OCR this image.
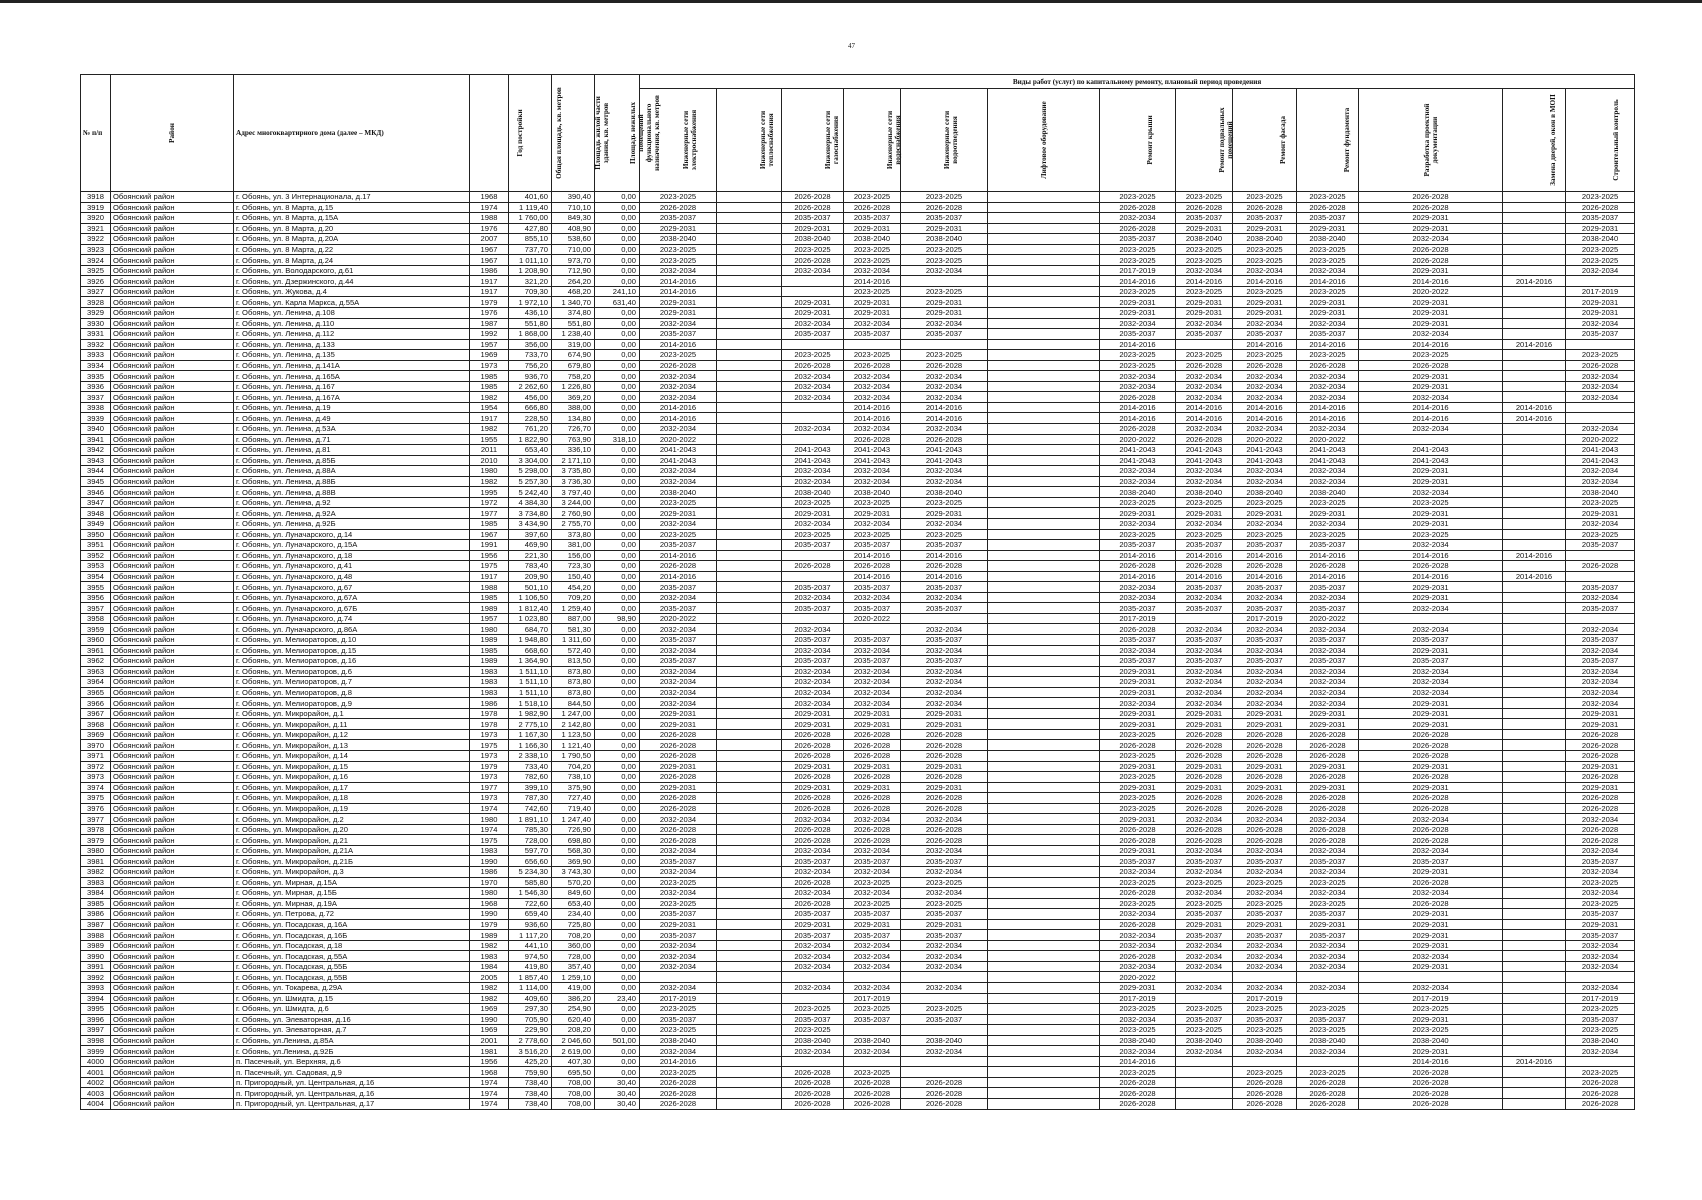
47
№ п/п	Район	Адрес многоквартирного дома (далее – МКД)	Год постройки	Общая площадь, кв. метров	Площадь жилой части здания, кв. метров	Площадь нежилых помещений функционального назначения, кв. метров	Виды работ (услуг) по капитальному ремонту, плановый период проведения												
							Инженерные сети электроснабжения	Инженерные сети теплоснабжения	Инженерные сети газоснабжения	Инженерные сети водоснабжения	Инженерные сети водоотведения	Лифтовое оборудование	Ремонт крыши	Ремонт подвальных помещений	Ремонт фасада	Ремонт фундамента	Разработка проектной документации	Замена дверей, окон в МОП	Строительный контроль
3918	Обоянский район	г. Обоянь, ул. 3 Интернационала, д.17	1968	401,60	390,40	0,00	2023-2025		2026-2028	2023-2025	2023-2025		2023-2025	2023-2025	2023-2025	2023-2025	2026-2028		2023-2025
3919	Обоянский район	г. Обоянь, ул. 8 Марта, д.15	1974	1 119,40	710,10	0,00	2026-2028		2026-2028	2026-2028	2026-2028		2026-2028	2026-2028	2026-2028	2026-2028	2026-2028		2026-2028
3920	Обоянский район	г. Обоянь, ул. 8 Марта, д.15А	1988	1 760,00	849,30	0,00	2035-2037		2035-2037	2035-2037	2035-2037		2032-2034	2035-2037	2035-2037	2035-2037	2029-2031		2035-2037
3921	Обоянский район	г. Обоянь, ул. 8 Марта, д.20	1976	427,80	408,90	0,00	2029-2031		2029-2031	2029-2031	2029-2031		2026-2028	2029-2031	2029-2031	2029-2031	2029-2031		2029-2031
3922	Обоянский район	г. Обоянь, ул. 8 Марта, д.20А	2007	855,10	538,60	0,00	2038-2040		2038-2040	2038-2040	2038-2040		2035-2037	2038-2040	2038-2040	2038-2040	2032-2034		2038-2040
3923	Обоянский район	г. Обоянь, ул. 8 Марта, д.22	1967	737,70	710,00	0,00	2023-2025		2023-2025	2023-2025	2023-2025		2023-2025	2023-2025	2023-2025	2023-2025	2026-2028		2023-2025
3924	Обоянский район	г. Обоянь, ул. 8 Марта, д.24	1967	1 011,10	973,70	0,00	2023-2025		2026-2028	2023-2025	2023-2025		2023-2025	2023-2025	2023-2025	2023-2025	2026-2028		2023-2025
3925	Обоянский район	г. Обоянь, ул. Володарского, д.61	1986	1 208,90	712,90	0,00	2032-2034		2032-2034	2032-2034	2032-2034		2017-2019	2032-2034	2032-2034	2032-2034	2029-2031		2032-2034
3926	Обоянский район	г. Обоянь, ул. Дзержинского, д.44	1917	321,20	264,20	0,00	2014-2016			2014-2016			2014-2016	2014-2016	2014-2016	2014-2016	2014-2016	2014-2016	
3927	Обоянский район	г. Обоянь, ул. Жукова, д.4	1917	709,30	468,20	241,10	2014-2016			2023-2025	2023-2025		2023-2025	2023-2025	2023-2025	2023-2025	2020-2022		2017-2019
3928	Обоянский район	г. Обоянь, ул. Карла Маркса, д.55А	1979	1 972,10	1 340,70	631,40	2029-2031		2029-2031	2029-2031	2029-2031		2029-2031	2029-2031	2029-2031	2029-2031	2029-2031		2029-2031
3929	Обоянский район	г. Обоянь, ул. Ленина, д.108	1976	436,10	374,80	0,00	2029-2031		2029-2031	2029-2031	2029-2031		2029-2031	2029-2031	2029-2031	2029-2031	2029-2031		2029-2031
3930	Обоянский район	г. Обоянь, ул. Ленина, д.110	1987	551,80	551,80	0,00	2032-2034		2032-2034	2032-2034	2032-2034		2032-2034	2032-2034	2032-2034	2032-2034	2029-2031		2032-2034
3931	Обоянский район	г. Обоянь, ул. Ленина, д.112	1992	1 868,00	1 238,40	0,00	2035-2037		2035-2037	2035-2037	2035-2037		2035-2037	2035-2037	2035-2037	2035-2037	2032-2034		2035-2037
3932	Обоянский район	г. Обоянь, ул. Ленина, д.133	1957	356,00	319,00	0,00	2014-2016						2014-2016		2014-2016	2014-2016	2014-2016	2014-2016	
3933	Обоянский район	г. Обоянь, ул. Ленина, д.135	1969	733,70	674,90	0,00	2023-2025		2023-2025	2023-2025	2023-2025		2023-2025	2023-2025	2023-2025	2023-2025	2023-2025		2023-2025
3934	Обоянский район	г. Обоянь, ул. Ленина, д.141А	1973	756,20	679,80	0,00	2026-2028		2026-2028	2026-2028	2026-2028		2023-2025	2026-2028	2026-2028	2026-2028	2026-2028		2026-2028
3935	Обоянский район	г. Обоянь, ул. Ленина, д.165А	1985	936,70	758,20	0,00	2032-2034		2032-2034	2032-2034	2032-2034		2032-2034	2032-2034	2032-2034	2032-2034	2029-2031		2032-2034
3936	Обоянский район	г. Обоянь, ул. Ленина, д.167	1985	2 262,60	1 226,80	0,00	2032-2034		2032-2034	2032-2034	2032-2034		2032-2034	2032-2034	2032-2034	2032-2034	2029-2031		2032-2034
3937	Обоянский район	г. Обоянь, ул. Ленина, д.167А	1982	456,00	369,20	0,00	2032-2034		2032-2034	2032-2034	2032-2034		2026-2028	2032-2034	2032-2034	2032-2034	2032-2034		2032-2034
3938	Обоянский район	г. Обоянь, ул. Ленина, д.19	1954	666,80	388,00	0,00	2014-2016			2014-2016	2014-2016		2014-2016	2014-2016	2014-2016	2014-2016	2014-2016	2014-2016	
3939	Обоянский район	г. Обоянь, ул. Ленина, д.49	1917	228,50	134,80	0,00	2014-2016			2014-2016	2014-2016		2014-2016	2014-2016	2014-2016	2014-2016	2014-2016	2014-2016	
3940	Обоянский район	г. Обоянь, ул. Ленина, д.53А	1982	761,20	726,70	0,00	2032-2034		2032-2034	2032-2034	2032-2034		2026-2028	2032-2034	2032-2034	2032-2034	2032-2034		2032-2034
3941	Обоянский район	г. Обоянь, ул. Ленина, д.71	1955	1 822,90	763,90	318,10	2020-2022			2026-2028	2026-2028		2020-2022	2026-2028	2020-2022	2020-2022			2020-2022
3942	Обоянский район	г. Обоянь, ул. Ленина, д.81	2011	653,40	336,10	0,00	2041-2043		2041-2043	2041-2043	2041-2043		2041-2043	2041-2043	2041-2043	2041-2043	2041-2043		2041-2043
3943	Обоянский район	г. Обоянь, ул. Ленина, д.85Б	2010	3 304,00	2 171,10	0,00	2041-2043		2041-2043	2041-2043	2041-2043		2041-2043	2041-2043	2041-2043	2041-2043	2041-2043		2041-2043
3944	Обоянский район	г. Обоянь, ул. Ленина, д.88А	1980	5 298,00	3 735,80	0,00	2032-2034		2032-2034	2032-2034	2032-2034		2032-2034	2032-2034	2032-2034	2032-2034	2029-2031		2032-2034
3945	Обоянский район	г. Обоянь, ул. Ленина, д.88Б	1982	5 257,30	3 736,30	0,00	2032-2034		2032-2034	2032-2034	2032-2034		2032-2034	2032-2034	2032-2034	2032-2034	2029-2031		2032-2034
3946	Обоянский район	г. Обоянь, ул. Ленина, д.88В	1995	5 242,40	3 797,40	0,00	2038-2040		2038-2040	2038-2040	2038-2040		2038-2040	2038-2040	2038-2040	2038-2040	2032-2034		2038-2040
3947	Обоянский район	г. Обоянь, ул. Ленина, д.92	1972	4 384,30	3 244,00	0,00	2023-2025		2023-2025	2023-2025	2023-2025		2023-2025	2023-2025	2023-2025	2023-2025	2023-2025		2023-2025
3948	Обоянский район	г. Обоянь, ул. Ленина, д.92А	1977	3 734,80	2 760,90	0,00	2029-2031		2029-2031	2029-2031	2029-2031		2029-2031	2029-2031	2029-2031	2029-2031	2029-2031		2029-2031
3949	Обоянский район	г. Обоянь, ул. Ленина, д.92Б	1985	3 434,90	2 755,70	0,00	2032-2034		2032-2034	2032-2034	2032-2034		2032-2034	2032-2034	2032-2034	2032-2034	2029-2031		2032-2034
3950	Обоянский район	г. Обоянь, ул. Луначарского, д.14	1967	397,60	373,80	0,00	2023-2025		2023-2025	2023-2025	2023-2025		2023-2025	2023-2025	2023-2025	2023-2025	2023-2025		2023-2025
3951	Обоянский район	г. Обоянь, ул. Луначарского, д.15А	1991	469,90	381,00	0,00	2035-2037		2035-2037	2035-2037	2035-2037		2035-2037	2035-2037	2035-2037	2035-2037	2032-2034		2035-2037
3952	Обоянский район	г. Обоянь, ул. Луначарского, д.18	1956	221,30	156,00	0,00	2014-2016			2014-2016	2014-2016		2014-2016	2014-2016	2014-2016	2014-2016	2014-2016	2014-2016	
3953	Обоянский район	г. Обоянь, ул. Луначарского, д.41	1975	783,40	723,30	0,00	2026-2028		2026-2028	2026-2028	2026-2028		2026-2028	2026-2028	2026-2028	2026-2028	2026-2028		2026-2028
3954	Обоянский район	г. Обоянь, ул. Луначарского, д.48	1917	209,90	150,40	0,00	2014-2016			2014-2016	2014-2016		2014-2016	2014-2016	2014-2016	2014-2016	2014-2016	2014-2016	
3955	Обоянский район	г. Обоянь, ул. Луначарского, д.67	1988	501,10	454,20	0,00	2035-2037		2035-2037	2035-2037	2035-2037		2032-2034	2035-2037	2035-2037	2035-2037	2029-2031		2035-2037
3956	Обоянский район	г. Обоянь, ул. Луначарского, д.67А	1985	1 106,50	709,20	0,00	2032-2034		2032-2034	2032-2034	2032-2034		2032-2034	2032-2034	2032-2034	2032-2034	2029-2031		2032-2034
3957	Обоянский район	г. Обоянь, ул. Луначарского, д.67Б	1989	1 812,40	1 259,40	0,00	2035-2037		2035-2037	2035-2037	2035-2037		2035-2037	2035-2037	2035-2037	2035-2037	2032-2034		2035-2037
3958	Обоянский район	г. Обоянь, ул. Луначарского, д.74	1957	1 023,80	887,00	98,90	2020-2022			2020-2022			2017-2019		2017-2019	2020-2022			
3959	Обоянский район	г. Обоянь, ул. Луначарского, д.86А	1980	684,70	581,30	0,00	2032-2034		2032-2034		2032-2034		2026-2028	2032-2034	2032-2034	2032-2034	2032-2034		2032-2034
3960	Обоянский район	г. Обоянь, ул. Мелиораторов, д.10	1989	1 948,80	1 311,60	0,00	2035-2037		2035-2037	2035-2037	2035-2037		2035-2037	2035-2037	2035-2037	2035-2037	2035-2037		2035-2037
3961	Обоянский район	г. Обоянь, ул. Мелиораторов, д.15	1985	668,60	572,40	0,00	2032-2034		2032-2034	2032-2034	2032-2034		2032-2034	2032-2034	2032-2034	2032-2034	2029-2031		2032-2034
3962	Обоянский район	г. Обоянь, ул. Мелиораторов, д.16	1989	1 364,90	813,50	0,00	2035-2037		2035-2037	2035-2037	2035-2037		2035-2037	2035-2037	2035-2037	2035-2037	2035-2037		2035-2037
3963	Обоянский район	г. Обоянь, ул. Мелиораторов, д.6	1983	1 511,10	873,80	0,00	2032-2034		2032-2034	2032-2034	2032-2034		2029-2031	2032-2034	2032-2034	2032-2034	2032-2034		2032-2034
3964	Обоянский район	г. Обоянь, ул. Мелиораторов, д.7	1983	1 511,10	873,80	0,00	2032-2034		2032-2034	2032-2034	2032-2034		2029-2031	2032-2034	2032-2034	2032-2034	2032-2034		2032-2034
3965	Обоянский район	г. Обоянь, ул. Мелиораторов, д.8	1983	1 511,10	873,80	0,00	2032-2034		2032-2034	2032-2034	2032-2034		2029-2031	2032-2034	2032-2034	2032-2034	2032-2034		2032-2034
3966	Обоянский район	г. Обоянь, ул. Мелиораторов, д.9	1986	1 518,10	844,50	0,00	2032-2034		2032-2034	2032-2034	2032-2034		2032-2034	2032-2034	2032-2034	2032-2034	2029-2031		2032-2034
3967	Обоянский район	г. Обоянь, ул. Микрорайон, д.1	1978	1 982,90	1 247,00	0,00	2029-2031		2029-2031	2029-2031	2029-2031		2029-2031	2029-2031	2029-2031	2029-2031	2029-2031		2029-2031
3968	Обоянский район	г. Обоянь, ул. Микрорайон, д.11	1978	2 775,10	2 142,80	0,00	2029-2031		2029-2031	2029-2031	2029-2031		2029-2031	2029-2031	2029-2031	2029-2031	2029-2031		2029-2031
3969	Обоянский район	г. Обоянь, ул. Микрорайон, д.12	1973	1 167,30	1 123,50	0,00	2026-2028		2026-2028	2026-2028	2026-2028		2023-2025	2026-2028	2026-2028	2026-2028	2026-2028		2026-2028
3970	Обоянский район	г. Обоянь, ул. Микрорайон, д.13	1975	1 166,30	1 121,40	0,00	2026-2028		2026-2028	2026-2028	2026-2028		2026-2028	2026-2028	2026-2028	2026-2028	2026-2028		2026-2028
3971	Обоянский район	г. Обоянь, ул. Микрорайон, д.14	1973	2 338,10	1 790,50	0,00	2026-2028		2026-2028	2026-2028	2026-2028		2023-2025	2026-2028	2026-2028	2026-2028	2026-2028		2026-2028
3972	Обоянский район	г. Обоянь, ул. Микрорайон, д.15	1979	733,40	704,20	0,00	2029-2031		2029-2031	2029-2031	2029-2031		2029-2031	2029-2031	2029-2031	2029-2031	2029-2031		2029-2031
3973	Обоянский район	г. Обоянь, ул. Микрорайон, д.16	1973	782,60	738,10	0,00	2026-2028		2026-2028	2026-2028	2026-2028		2023-2025	2026-2028	2026-2028	2026-2028	2026-2028		2026-2028
3974	Обоянский район	г. Обоянь, ул. Микрорайон, д.17	1977	399,10	375,90	0,00	2029-2031		2029-2031	2029-2031	2029-2031		2029-2031	2029-2031	2029-2031	2029-2031	2029-2031		2029-2031
3975	Обоянский район	г. Обоянь, ул. Микрорайон, д.18	1973	787,30	727,40	0,00	2026-2028		2026-2028	2026-2028	2026-2028		2023-2025	2026-2028	2026-2028	2026-2028	2026-2028		2026-2028
3976	Обоянский район	г. Обоянь, ул. Микрорайон, д.19	1974	742,60	719,40	0,00	2026-2028		2026-2028	2026-2028	2026-2028		2023-2025	2026-2028	2026-2028	2026-2028	2026-2028		2026-2028
3977	Обоянский район	г. Обоянь, ул. Микрорайон, д.2	1980	1 891,10	1 247,40	0,00	2032-2034		2032-2034	2032-2034	2032-2034		2029-2031	2032-2034	2032-2034	2032-2034	2032-2034		2032-2034
3978	Обоянский район	г. Обоянь, ул. Микрорайон, д.20	1974	785,30	726,90	0,00	2026-2028		2026-2028	2026-2028	2026-2028		2026-2028	2026-2028	2026-2028	2026-2028	2026-2028		2026-2028
3979	Обоянский район	г. Обоянь, ул. Микрорайон, д.21	1975	728,00	698,80	0,00	2026-2028		2026-2028	2026-2028	2026-2028		2026-2028	2026-2028	2026-2028	2026-2028	2026-2028		2026-2028
3980	Обоянский район	г. Обоянь, ул. Микрорайон, д.21А	1983	597,70	568,30	0,00	2032-2034		2032-2034	2032-2034	2032-2034		2029-2031	2032-2034	2032-2034	2032-2034	2032-2034		2032-2034
3981	Обоянский район	г. Обоянь, ул. Микрорайон, д.21Б	1990	656,60	369,90	0,00	2035-2037		2035-2037	2035-2037	2035-2037		2035-2037	2035-2037	2035-2037	2035-2037	2035-2037		2035-2037
3982	Обоянский район	г. Обоянь, ул. Микрорайон, д.3	1986	5 234,30	3 743,30	0,00	2032-2034		2032-2034	2032-2034	2032-2034		2032-2034	2032-2034	2032-2034	2032-2034	2029-2031		2032-2034
3983	Обоянский район	г. Обоянь, ул. Мирная, д.15А	1970	585,80	570,20	0,00	2023-2025		2026-2028	2023-2025	2023-2025		2023-2025	2023-2025	2023-2025	2023-2025	2026-2028		2023-2025
3984	Обоянский район	г. Обоянь, ул. Мирная, д.15Б	1980	1 546,30	849,60	0,00	2032-2034		2032-2034	2032-2034	2032-2034		2026-2028	2032-2034	2032-2034	2032-2034	2032-2034		2032-2034
3985	Обоянский район	г. Обоянь, ул. Мирная, д.19А	1968	722,60	653,40	0,00	2023-2025		2026-2028	2023-2025	2023-2025		2023-2025	2023-2025	2023-2025	2023-2025	2026-2028		2023-2025
3986	Обоянский район	г. Обоянь, ул. Петрова, д.72	1990	659,40	234,40	0,00	2035-2037		2035-2037	2035-2037	2035-2037		2032-2034	2035-2037	2035-2037	2035-2037	2029-2031		2035-2037
3987	Обоянский район	г. Обоянь, ул. Посадская, д.16А	1979	936,60	725,80	0,00	2029-2031		2029-2031	2029-2031	2029-2031		2026-2028	2029-2031	2029-2031	2029-2031	2029-2031		2029-2031
3988	Обоянский район	г. Обоянь, ул. Посадская, д.16Б	1989	1 117,20	708,20	0,00	2035-2037		2035-2037	2035-2037	2035-2037		2032-2034	2035-2037	2035-2037	2035-2037	2029-2031		2035-2037
3989	Обоянский район	г. Обоянь, ул. Посадская, д.18	1982	441,10	360,00	0,00	2032-2034		2032-2034	2032-2034	2032-2034		2032-2034	2032-2034	2032-2034	2032-2034	2029-2031		2032-2034
3990	Обоянский район	г. Обоянь, ул. Посадская, д.55А	1983	974,50	728,00	0,00	2032-2034		2032-2034	2032-2034	2032-2034		2026-2028	2032-2034	2032-2034	2032-2034	2032-2034		2032-2034
3991	Обоянский район	г. Обоянь, ул. Посадская, д.55Б	1984	419,80	357,40	0,00	2032-2034		2032-2034	2032-2034	2032-2034		2032-2034	2032-2034	2032-2034	2032-2034	2029-2031		2032-2034
3992	Обоянский район	г. Обоянь, ул. Посадская, д.55В	2005	1 857,40	1 259,10	0,00							2020-2022						
3993	Обоянский район	г. Обоянь, ул. Токарева, д.29А	1982	1 114,00	419,00	0,00	2032-2034		2032-2034	2032-2034	2032-2034		2029-2031	2032-2034	2032-2034	2032-2034	2032-2034		2032-2034
3994	Обоянский район	г. Обоянь, ул. Шмидта, д.15	1982	409,60	386,20	23,40	2017-2019			2017-2019			2017-2019		2017-2019		2017-2019		2017-2019
3995	Обоянский район	г. Обоянь, ул. Шмидта, д.6	1969	297,30	254,90	0,00	2023-2025		2023-2025	2023-2025	2023-2025		2023-2025	2023-2025	2023-2025	2023-2025	2023-2025		2023-2025
3996	Обоянский район	г. Обоянь, ул. Элеваторная, д.16	1990	705,90	620,40	0,00	2035-2037		2035-2037	2035-2037	2035-2037		2032-2034	2035-2037	2035-2037	2035-2037	2029-2031		2035-2037
3997	Обоянский район	г. Обоянь, ул. Элеваторная, д.7	1969	229,90	208,20	0,00	2023-2025		2023-2025				2023-2025	2023-2025	2023-2025	2023-2025	2023-2025		2023-2025
3998	Обоянский район	г. Обоянь, ул.Ленина, д.85А	2001	2 778,60	2 046,60	501,00	2038-2040		2038-2040	2038-2040	2038-2040		2038-2040	2038-2040	2038-2040	2038-2040	2038-2040		2038-2040
3999	Обоянский район	г. Обоянь, ул.Ленина, д.92Б	1981	3 516,20	2 619,00	0,00	2032-2034		2032-2034	2032-2034	2032-2034		2032-2034	2032-2034	2032-2034	2032-2034	2029-2031		2032-2034
4000	Обоянский район	п. Пасечный, ул. Верхняя, д.6	1956	425,20	407,30	0,00	2014-2016						2014-2016				2014-2016	2014-2016	
4001	Обоянский район	п. Пасечный, ул. Садовая, д.9	1968	759,90	695,50	0,00	2023-2025		2026-2028	2023-2025			2023-2025		2023-2025	2023-2025	2026-2028		2023-2025
4002	Обоянский район	п. Пригородный, ул. Центральная, д.16	1974	738,40	708,00	30,40	2026-2028		2026-2028	2026-2028	2026-2028		2026-2028		2026-2028	2026-2028	2026-2028		2026-2028
4003	Обоянский район	п. Пригородный, ул. Центральная, д.16	1974	738,40	708,00	30,40	2026-2028		2026-2028	2026-2028	2026-2028		2026-2028		2026-2028	2026-2028	2026-2028		2026-2028
4004	Обоянский район	п. Пригородный, ул. Центральная, д.17	1974	738,40	708,00	30,40	2026-2028		2026-2028	2026-2028	2026-2028		2026-2028		2026-2028	2026-2028	2026-2028		2026-2028
